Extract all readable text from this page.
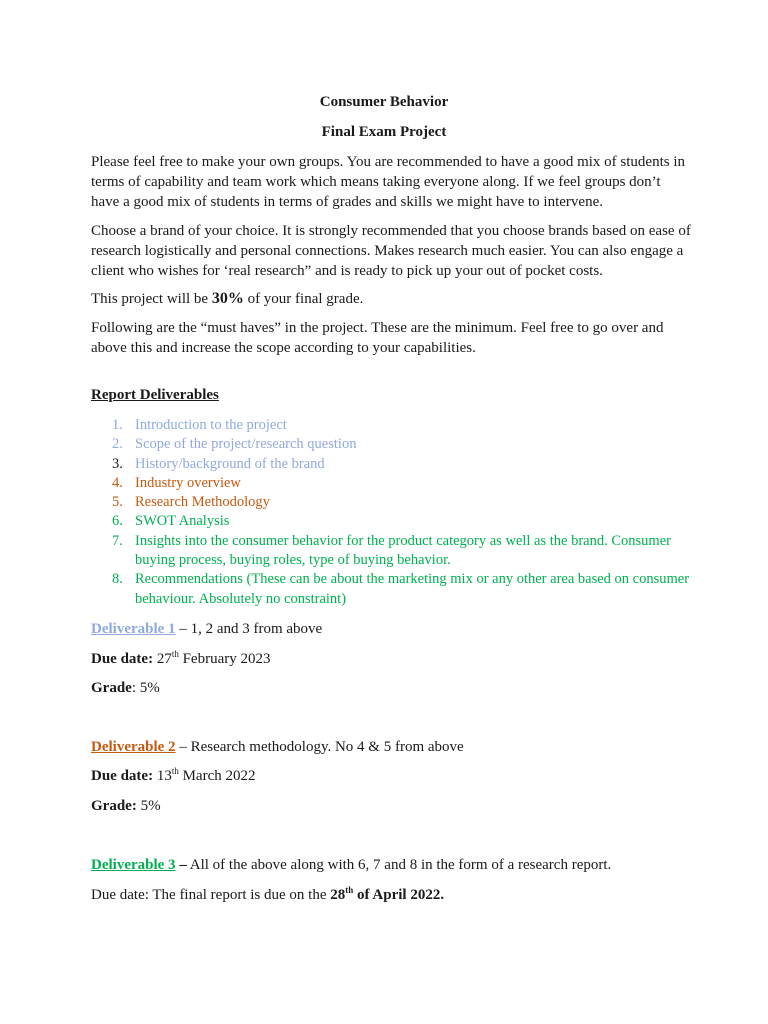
Consumer Behavior
Final Exam Project
Please feel free to make your own groups. You are recommended to have a good mix of students in terms of capability and team work which means taking everyone along. If we feel groups don’t have a good mix of students in terms of grades and skills we might have to intervene.
Choose a brand of your choice. It is strongly recommended that you choose brands based on ease of research logistically and personal connections. Makes research much easier. You can also engage a client who wishes for ‘real research” and is ready to pick up your out of pocket costs.
This project will be 30% of your final grade.
Following are the “must haves” in the project. These are the minimum. Feel free to go over and above this and increase the scope according to your capabilities.
Report Deliverables
1. Introduction to the project
2. Scope of the project/research question
3. History/background of the brand
4. Industry overview
5. Research Methodology
6. SWOT Analysis
7. Insights into the consumer behavior for the product category as well as the brand. Consumer buying process, buying roles, type of buying behavior.
8. Recommendations (These can be about the marketing mix or any other area based on consumer behaviour. Absolutely no constraint)
Deliverable 1 – 1, 2 and 3 from above
Due date: 27th February 2023
Grade: 5%
Deliverable 2 – Research methodology. No 4 & 5 from above
Due date: 13th March 2022
Grade: 5%
Deliverable 3 – All of the above along with 6, 7 and 8 in the form of a research report.
Due date: The final report is due on the 28th of April 2022.
